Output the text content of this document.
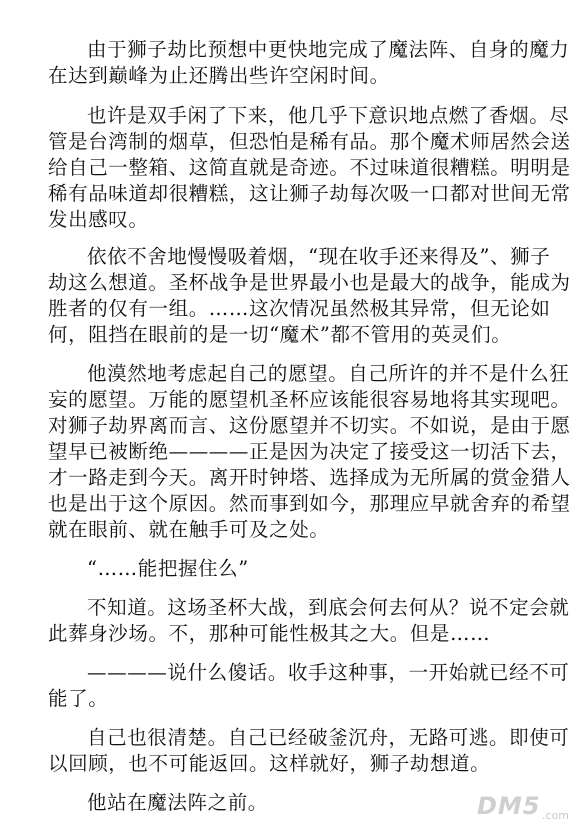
由于狮子劫比预想中更快地完成了魔法阵、自身的魔力
在达到巅峰为止还腾出些许空闲时间。
也许是双手闲了下来，他几乎下意识地点燃了香烟。尽
管是台湾制的烟草，但恐怕是稀有品。那个魔术师居然会送
给自己一整箱、这简直就是奇迹。不过味道很糟糕。明明是
稀有品味道却很糟糕，这让狮子劫每次吸一口都对世间无常
发出感叹。
依依不舍地慢慢吸着烟，“现在收手还来得及”、狮子
劫这么想道。圣杯战争是世界最小也是最大的战争，能成为
胜者的仅有一组。……这次情况虽然极其异常，但无论如
何，阻挡在眼前的是一切“魔术”都不管用的英灵们。
他漠然地考虑起自己的愿望。自己所许的并不是什么狂
妄的愿望。万能的愿望机圣杯应该能很容易地将其实现吧。
对狮子劫界离而言、这份愿望并不切实。不如说，是由于愿
望早已被断绝————正是因为决定了接受这一切活下去，
才一路走到今天。离开时钟塔、选择成为无所属的赏金猎人
也是出于这个原因。然而事到如今，那理应早就舍弃的希望
就在眼前、就在触手可及之处。
“……能把握住么”
不知道。这场圣杯大战，到底会何去何从？说不定会就
此葬身沙场。不，那种可能性极其之大。但是……
————说什么傻话。收手这种事，一开始就已经不可
能了。
自己也很清楚。自己已经破釜沉舟，无路可逃。即使可
以回顾，也不可能返回。这样就好，狮子劫想道。
他站在魔法阵之前。	DM5 .com
